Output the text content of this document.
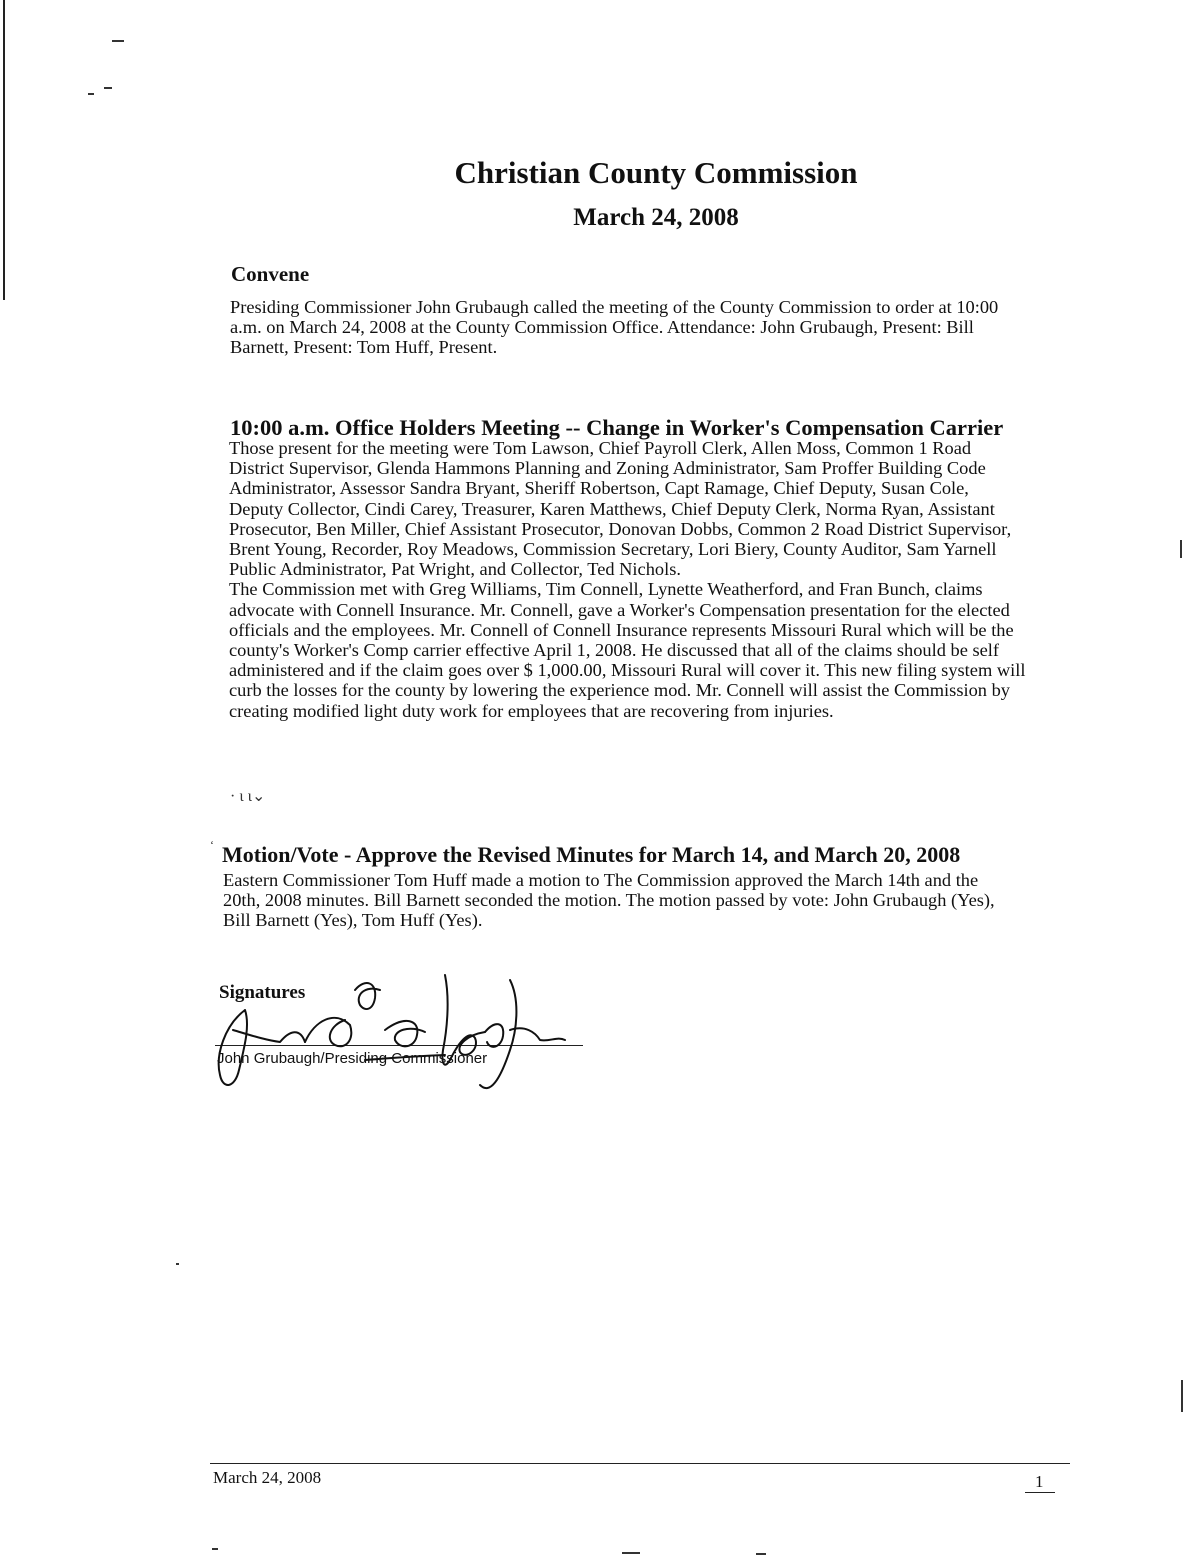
Christian County Commission
March 24, 2008
Convene
Presiding Commissioner John Grubaugh called the meeting of the County Commission to order at 10:00
a.m. on March 24, 2008 at the County Commission Office. Attendance: John Grubaugh, Present: Bill
Barnett, Present: Tom Huff, Present.
10:00 a.m. Office Holders Meeting -- Change in Worker's Compensation Carrier
Those present for the meeting were Tom Lawson, Chief Payroll Clerk, Allen Moss, Common 1 Road
District Supervisor, Glenda Hammons Planning and Zoning Administrator, Sam Proffer Building Code
Administrator, Assessor Sandra Bryant, Sheriff Robertson, Capt Ramage, Chief Deputy, Susan Cole,
Deputy Collector, Cindi Carey, Treasurer, Karen Matthews, Chief Deputy Clerk, Norma Ryan, Assistant
Prosecutor, Ben Miller, Chief Assistant Prosecutor, Donovan Dobbs, Common 2 Road District Supervisor,
Brent Young, Recorder, Roy Meadows, Commission Secretary, Lori Biery, County Auditor, Sam Yarnell
Public Administrator, Pat Wright, and Collector, Ted Nichols.
The Commission met with Greg Williams, Tim Connell, Lynette Weatherford, and Fran Bunch, claims
advocate with Connell Insurance. Mr. Connell, gave a Worker's Compensation presentation for the elected
officials and the employees. Mr. Connell of Connell Insurance represents Missouri Rural which will be the
county's Worker's Comp carrier effective April 1, 2008. He discussed that all of the claims should be self
administered and if the claim goes over $ 1,000.00, Missouri Rural will cover it. This new filing system will
curb the losses for the county by lowering the experience mod. Mr. Connell will assist the Commission by
creating modified light duty work for employees that are recovering from injuries.
· ι ι⌄
‘ Motion/Vote - Approve the Revised Minutes for March 14, and March 20, 2008
Eastern Commissioner Tom Huff made a motion to The Commission approved the March 14th and the
20th, 2008 minutes. Bill Barnett seconded the motion. The motion passed by vote: John Grubaugh (Yes),
Bill Barnett (Yes), Tom Huff (Yes).

Signatures

John Grubaugh/Presiding Commissioner

March 24, 2008	1
